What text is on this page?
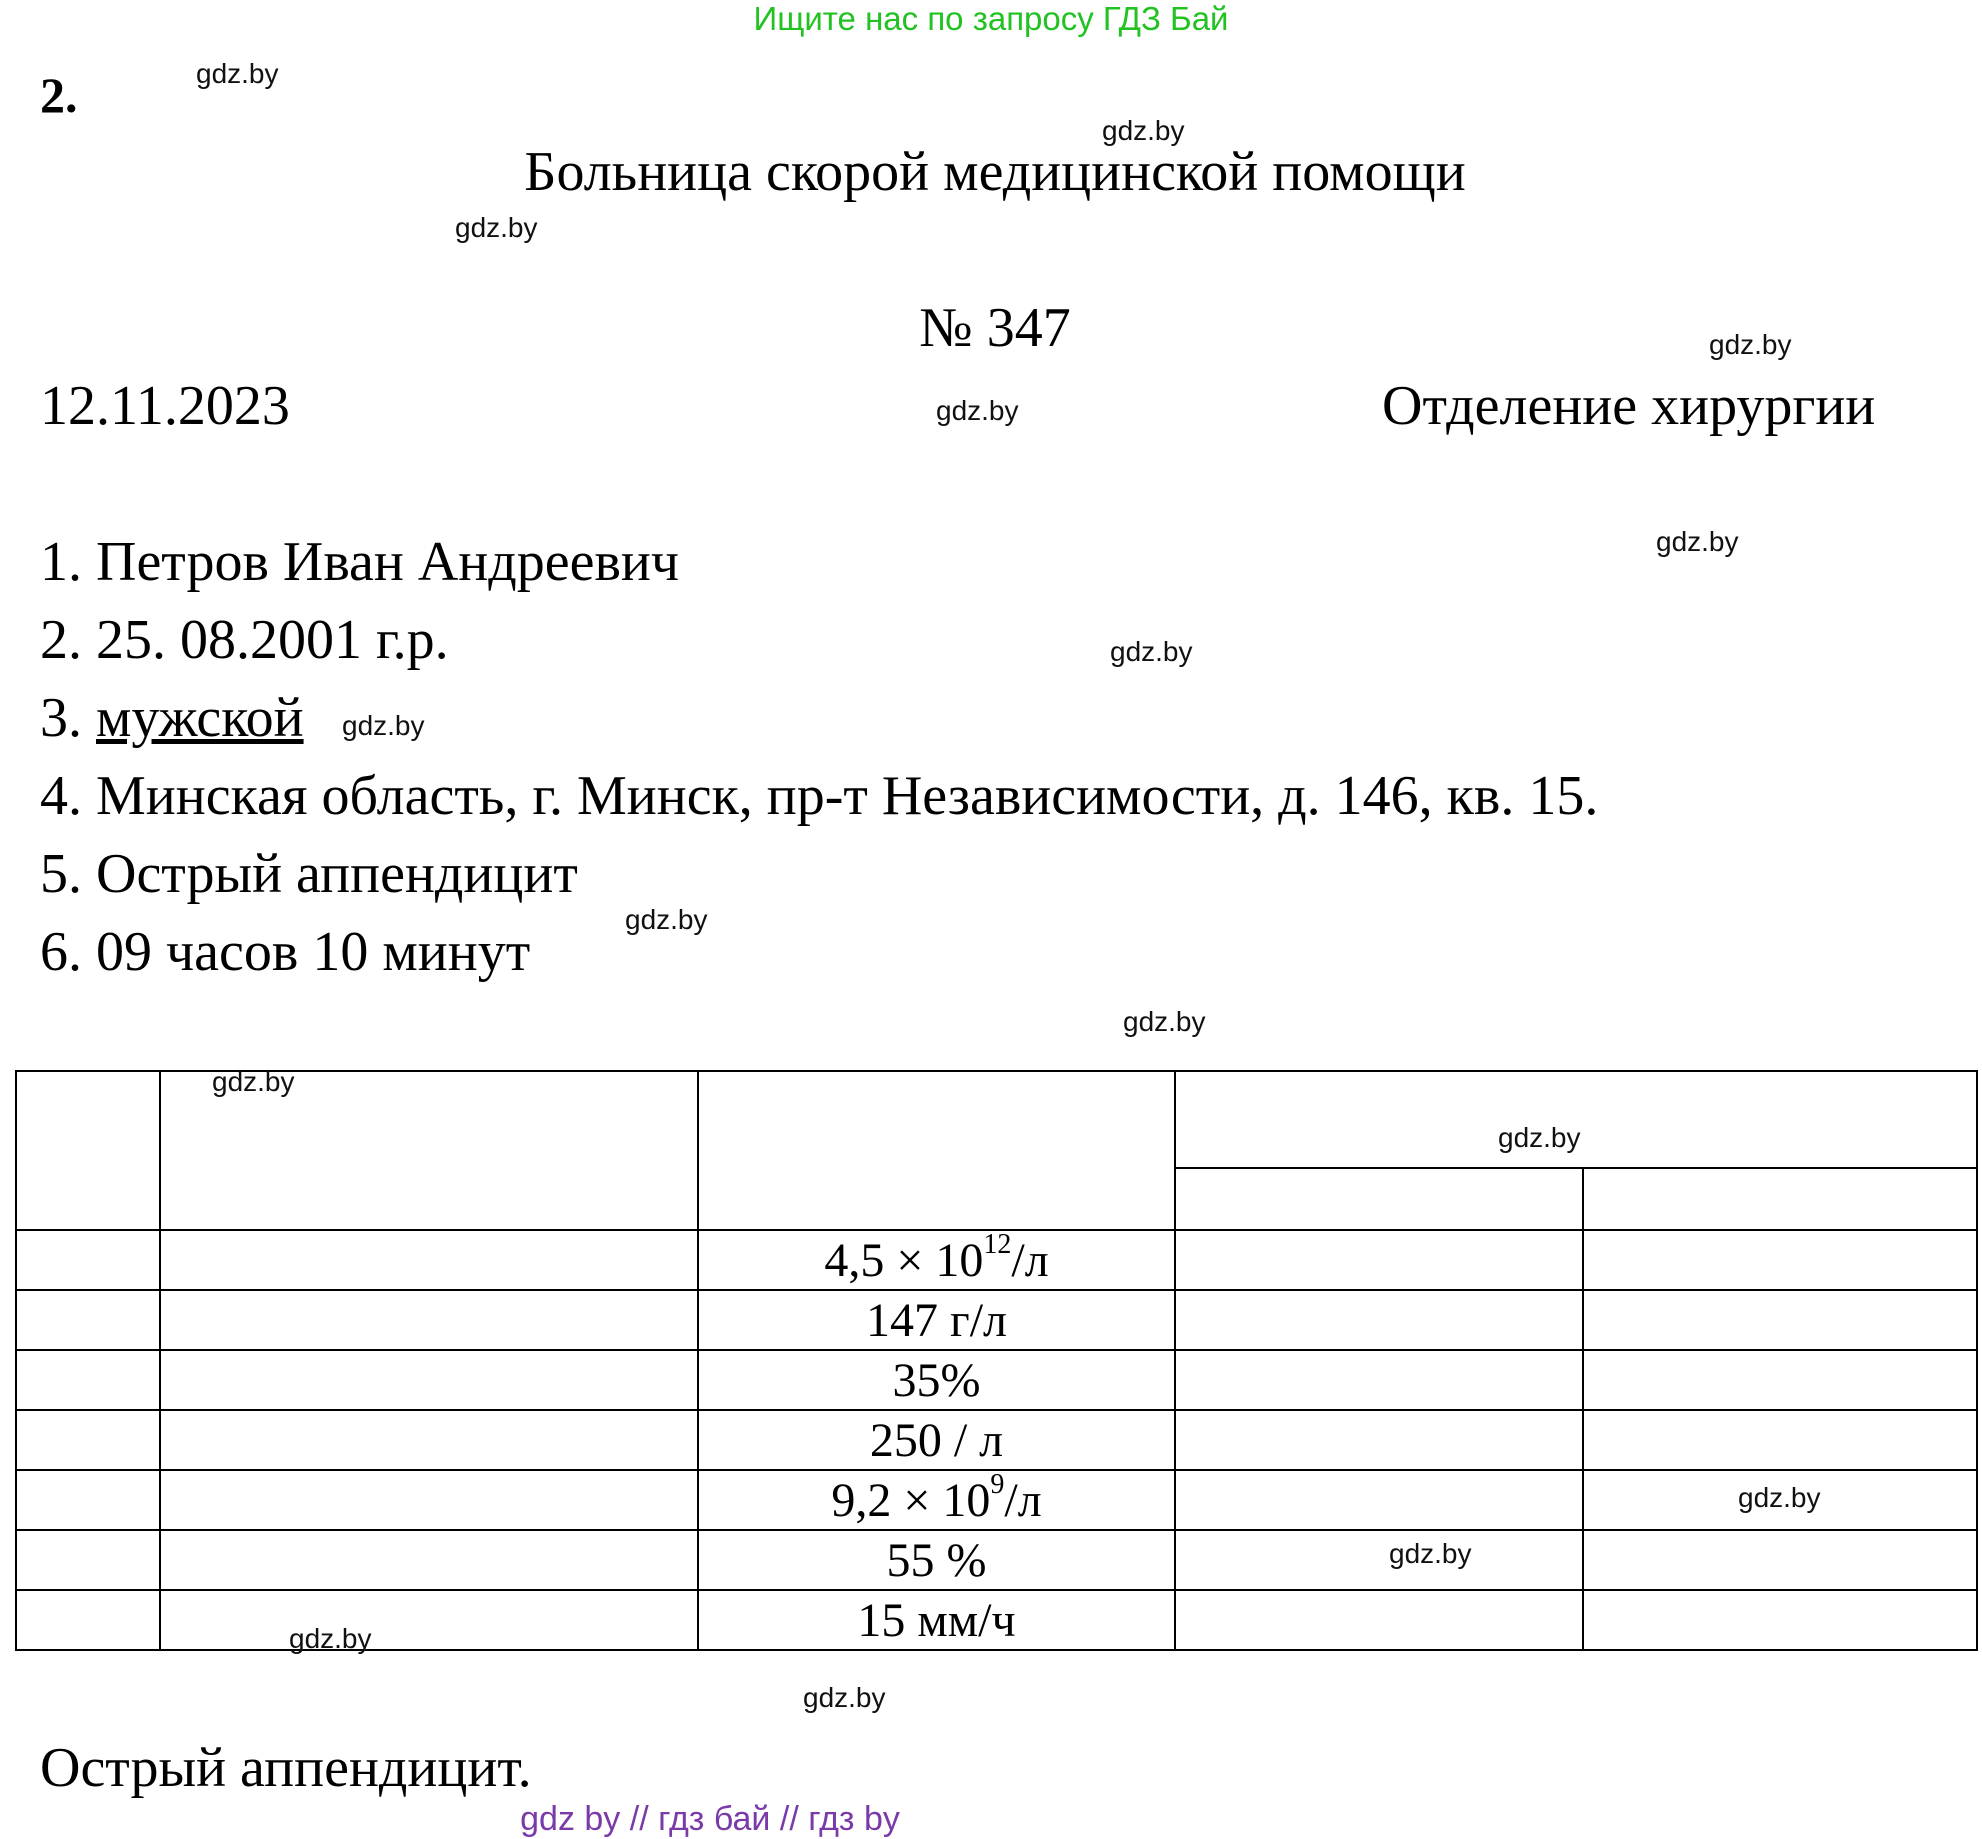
Ищите нас по запросу ГДЗ Бай
2.
Больница скорой медицинской помощи
№ 347
12.11.2023	Отделение хирургии
1. Петров Иван Андреевич
2. 25. 08.2001 г.р.
3. мужской
4. Минская область, г. Минск, пр-т Независимости, д. 146, кв. 15.
5. Острый аппендицит
6. 09 часов 10 минут

		$4,5 \times 10^{12}/л$		
		147 г/л		
		35%		
		250 / л		
		$9,2 \times 10^9/л$		
		55 %		
		15 мм/ч		
Острый аппендицит.
gdz by // гдз бай // гдз by
gdz.by
gdz.by
gdz.by
gdz.by
gdz.by
gdz.by
gdz.by
gdz.by
gdz.by
gdz.by
gdz.by
gdz.by
gdz.by
gdz.by
gdz.by
gdz.by
